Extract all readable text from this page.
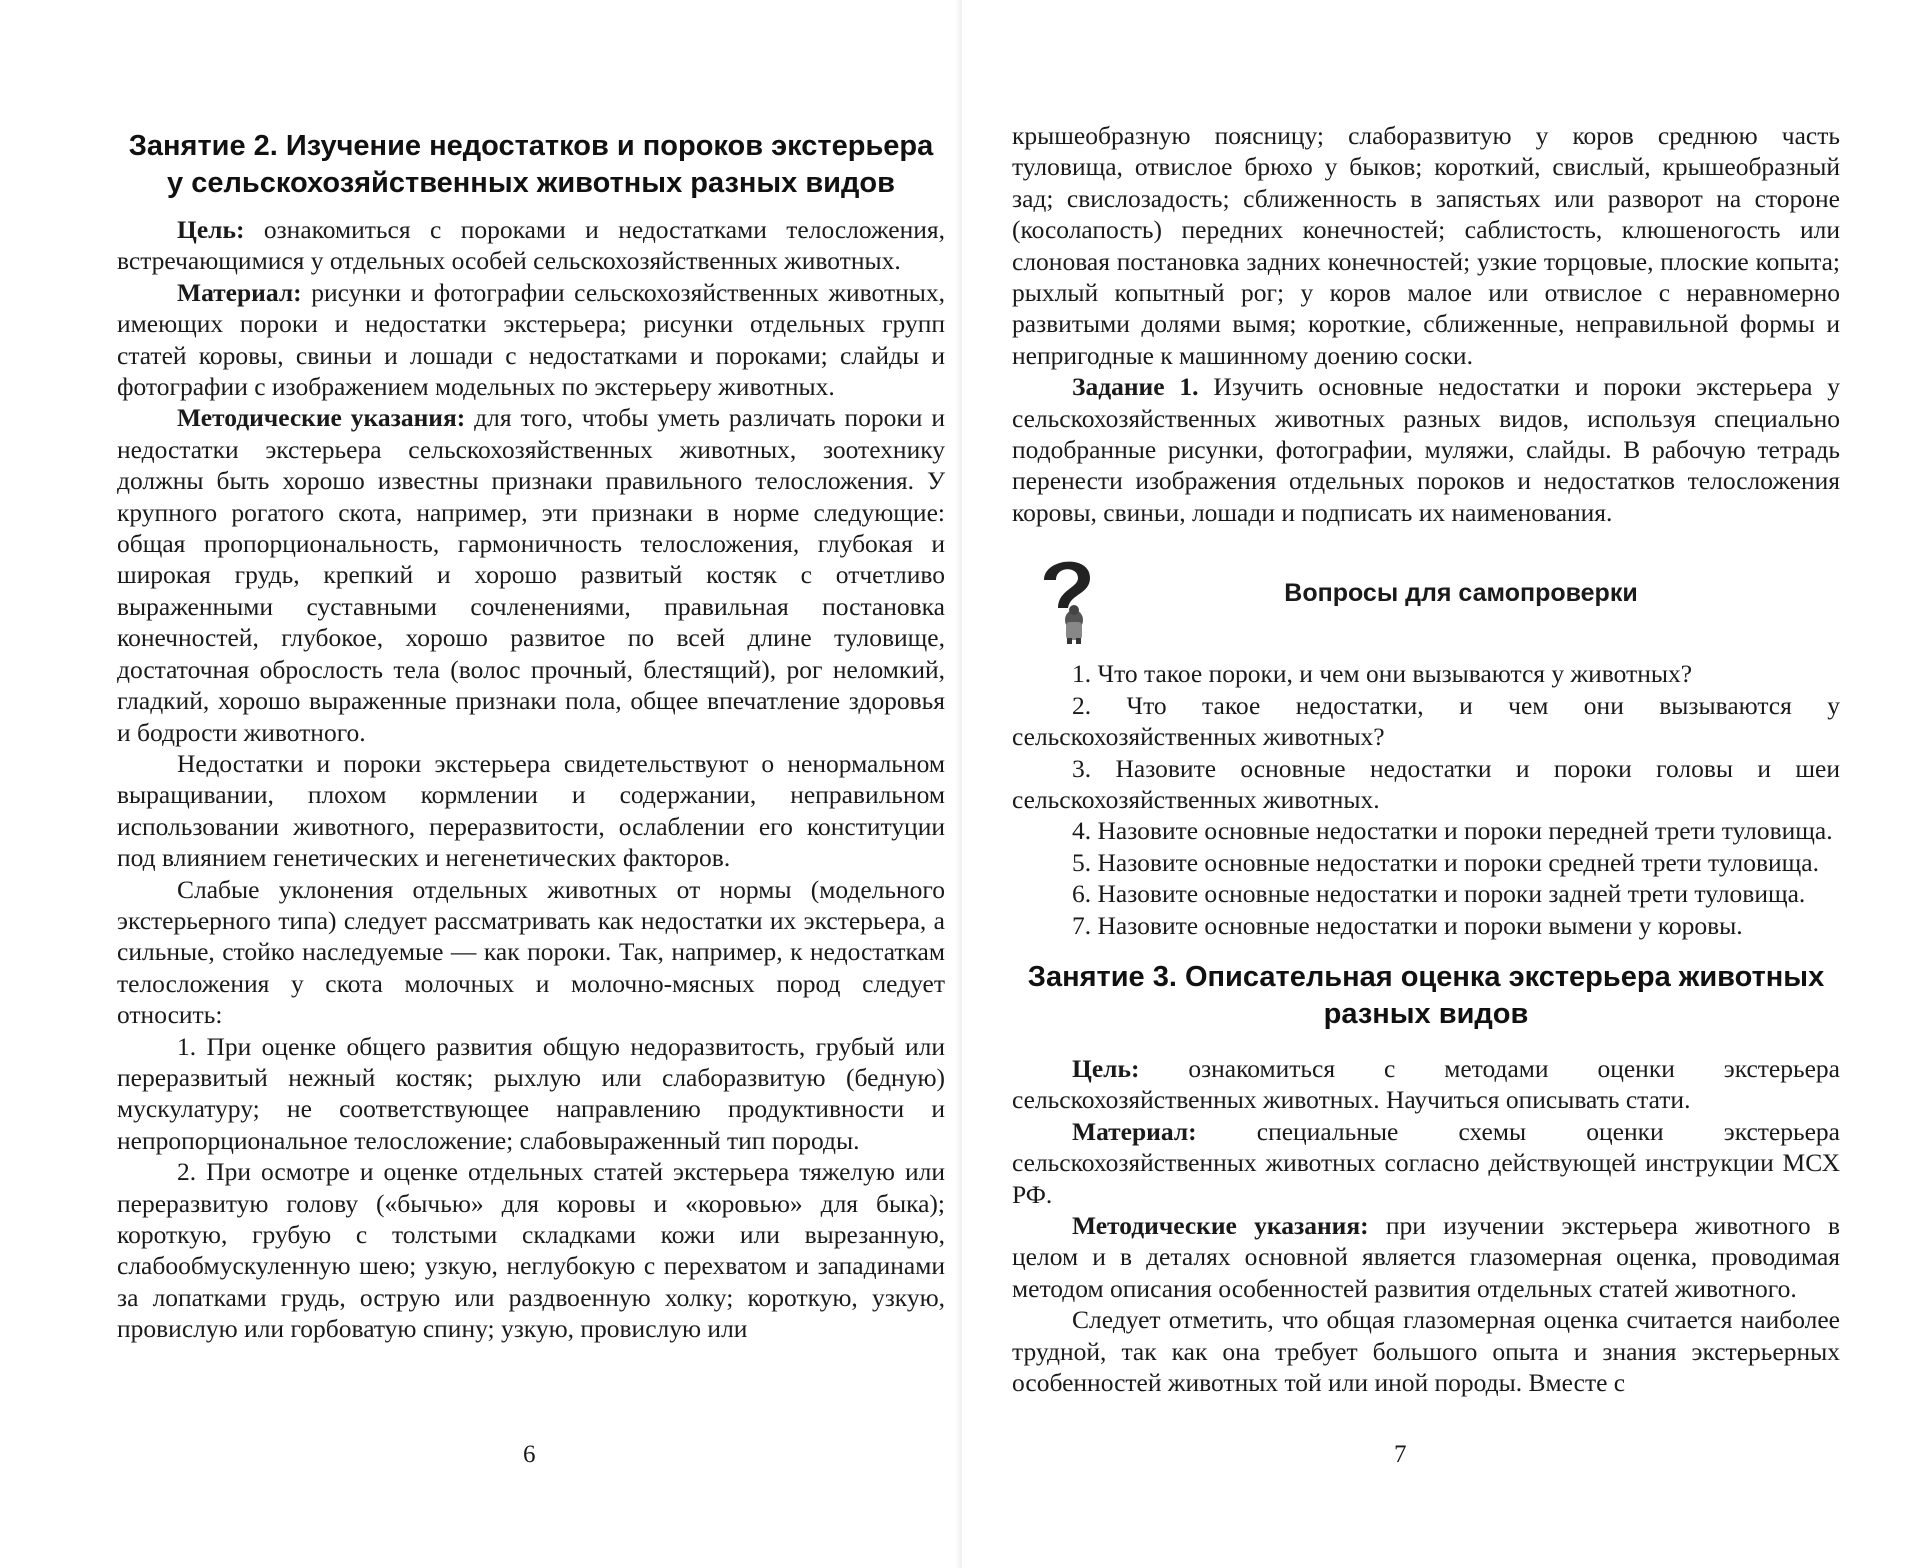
Занятие 2. Изучение недостатков и пороков экстерьера у сельскохозяйственных животных разных видов

Цель: ознакомиться с пороками и недостатками телосложения, встречающимися у отдельных особей сельскохозяйственных животных.

Материал: рисунки и фотографии сельскохозяйственных животных, имеющих пороки и недостатки экстерьера; рисунки отдельных групп статей коровы, свиньи и лошади с недостатками и пороками; слайды и фотографии с изображением модельных по экстерьеру животных.

Методические указания: для того, чтобы уметь различать пороки и недостатки экстерьера сельскохозяйственных животных, зоотехнику должны быть хорошо известны признаки правильного телосложения. У крупного рогатого скота, например, эти признаки в норме следующие: общая пропорциональность, гармоничность телосложения, глубокая и широкая грудь, крепкий и хорошо развитый костяк с отчетливо выраженными суставными сочленениями, правильная постановка конечностей, глубокое, хорошо развитое по всей длине туловище, достаточная оброслость тела (волос прочный, блестящий), рог неломкий, гладкий, хорошо выраженные признаки пола, общее впечатление здоровья и бодрости животного.

Недостатки и пороки экстерьера свидетельствуют о ненормальном выращивании, плохом кормлении и содержании, неправильном использовании животного, переразвитости, ослаблении его конституции под влиянием генетических и негенетических факторов.

Слабые уклонения отдельных животных от нормы (модельного экстерьерного типа) следует рассматривать как недостатки их экстерьера, а сильные, стойко наследуемые — как пороки. Так, например, к недостаткам телосложения у скота молочных и молочно-мясных пород следует относить:

1. При оценке общего развития общую недоразвитость, грубый или переразвитый нежный костяк; рыхлую или слаборазвитую (бедную) мускулатуру; не соответствующее направлению продуктивности и непропорциональное телосложение; слабовыраженный тип породы.

2. При осмотре и оценке отдельных статей экстерьера тяжелую или переразвитую голову («бычью» для коровы и «коровью» для быка); короткую, грубую с толстыми складками кожи или вырезанную, слабообмускуленную шею; узкую, неглубокую с перехватом и западинами за лопатками грудь, острую или раздвоенную холку; короткую, узкую, провислую или горбоватую спину; узкую, провислую или

6

крышеобразную поясницу; слаборазвитую у коров среднюю часть туловища, отвислое брюхо у быков; короткий, свислый, крышеобразный зад; свислозадость; сближенность в запястьях или разворот на стороне (косолапость) передних конечностей; саблистость, клюшеногость или слоновая постановка задних конечностей; узкие торцовые, плоские копыта; рыхлый копытный рог; у коров малое или отвислое с неравномерно развитыми долями вымя; короткие, сближенные, неправильной формы и непригодные к машинному доению соски.

Задание 1. Изучить основные недостатки и пороки экстерьера у сельскохозяйственных животных разных видов, используя специально подобранные рисунки, фотографии, муляжи, слайды. В рабочую тетрадь перенести изображения отдельных пороков и недостатков телосложения коровы, свиньи, лошади и подписать их наименования.

Вопросы для самопроверки

1. Что такое пороки, и чем они вызываются у животных?

2. Что такое недостатки, и чем они вызываются у сельскохозяйственных животных?

3. Назовите основные недостатки и пороки головы и шеи сельскохозяйственных животных.

4. Назовите основные недостатки и пороки передней трети туловища.

5. Назовите основные недостатки и пороки средней трети туловища.

6. Назовите основные недостатки и пороки задней трети туловища.

7. Назовите основные недостатки и пороки вымени у коровы.

Занятие 3. Описательная оценка экстерьера животных разных видов

Цель: ознакомиться с методами оценки экстерьера сельскохозяйственных животных. Научиться описывать стати.

Материал: специальные схемы оценки экстерьера сельскохозяйственных животных согласно действующей инструкции МСХ РФ.

Методические указания: при изучении экстерьера животного в целом и в деталях основной является глазомерная оценка, проводимая методом описания особенностей развития отдельных статей животного.

Следует отметить, что общая глазомерная оценка считается наиболее трудной, так как она требует большого опыта и знания экстерьерных особенностей животных той или иной породы. Вместе с

7
